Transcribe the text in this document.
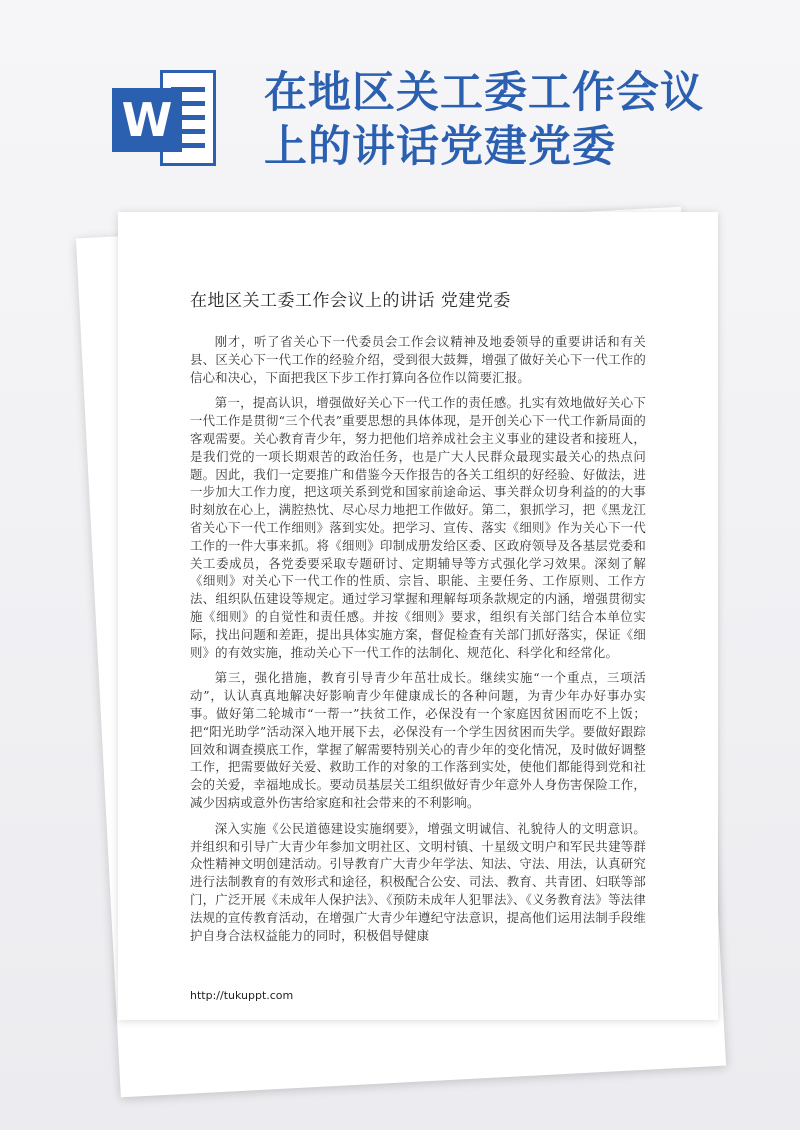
W 在地区关工委工作会议上的讲话党建党委
在地区关工委工作会议上的讲话 党建党委

刚才，听了省关心下一代委员会工作会议精神及地委领导的重要讲话和有关县、区关心下一代工作的经验介绍，受到很大鼓舞，增强了做好关心下一代工作的信心和决心，下面把我区下步工作打算向各位作以简要汇报。

第一，提高认识，增强做好关心下一代工作的责任感。扎实有效地做好关心下一代工作是贯彻“三个代表”重要思想的具体体现，是开创关心下一代工作新局面的客观需要。关心教育青少年，努力把他们培养成社会主义事业的建设者和接班人，是我们党的一项长期艰苦的政治任务，也是广大人民群众最现实最关心的热点问题。因此，我们一定要推广和借鉴今天作报告的各关工组织的好经验、好做法，进一步加大工作力度，把这项关系到党和国家前途命运、事关群众切身利益的的大事时刻放在心上，满腔热忱、尽心尽力地把工作做好。第二，狠抓学习，把《黑龙江省关心下一代工作细则》落到实处。把学习、宣传、落实《细则》作为关心下一代工作的一件大事来抓。将《细则》印制成册发给区委、区政府领导及各基层党委和关工委成员，各党委要采取专题研讨、定期辅导等方式强化学习效果。深刻了解《细则》对关心下一代工作的性质、宗旨、职能、主要任务、工作原则、工作方法、组织队伍建设等规定。通过学习掌握和理解每项条款规定的内涵，增强贯彻实施《细则》的自觉性和责任感。并按《细则》要求，组织有关部门结合本单位实际，找出问题和差距，提出具体实施方案，督促检查有关部门抓好落实，保证《细则》的有效实施，推动关心下一代工作的法制化、规范化、科学化和经常化。

第三，强化措施，教育引导青少年茁壮成长。继续实施“一个重点，三项活动”，认认真真地解决好影响青少年健康成长的各种问题，为青少年办好事办实事。做好第二轮城市“一帮一”扶贫工作，必保没有一个家庭因贫困而吃不上饭；把“阳光助学”活动深入地开展下去，必保没有一个学生因贫困而失学。要做好跟踪回效和调查摸底工作，掌握了解需要特别关心的青少年的变化情况，及时做好调整工作，把需要做好关爱、救助工作的对象的工作落到实处，使他们都能得到党和社会的关爱，幸福地成长。要动员基层关工组织做好青少年意外人身伤害保险工作，减少因病或意外伤害给家庭和社会带来的不利影响。

深入实施《公民道德建设实施纲要》，增强文明诚信、礼貌待人的文明意识。并组织和引导广大青少年参加文明社区、文明村镇、十星级文明户和军民共建等群众性精神文明创建活动。引导教育广大青少年学法、知法、守法、用法，认真研究进行法制教育的有效形式和途径，积极配合公安、司法、教育、共青团、妇联等部门，广泛开展《未成年人保护法》、《预防未成年人犯罪法》、《义务教育法》等法律法规的宣传教育活动，在增强广大青少年遵纪守法意识，提高他们运用法制手段维护自身合法权益能力的同时，积极倡导健康

http://tukuppt.com
